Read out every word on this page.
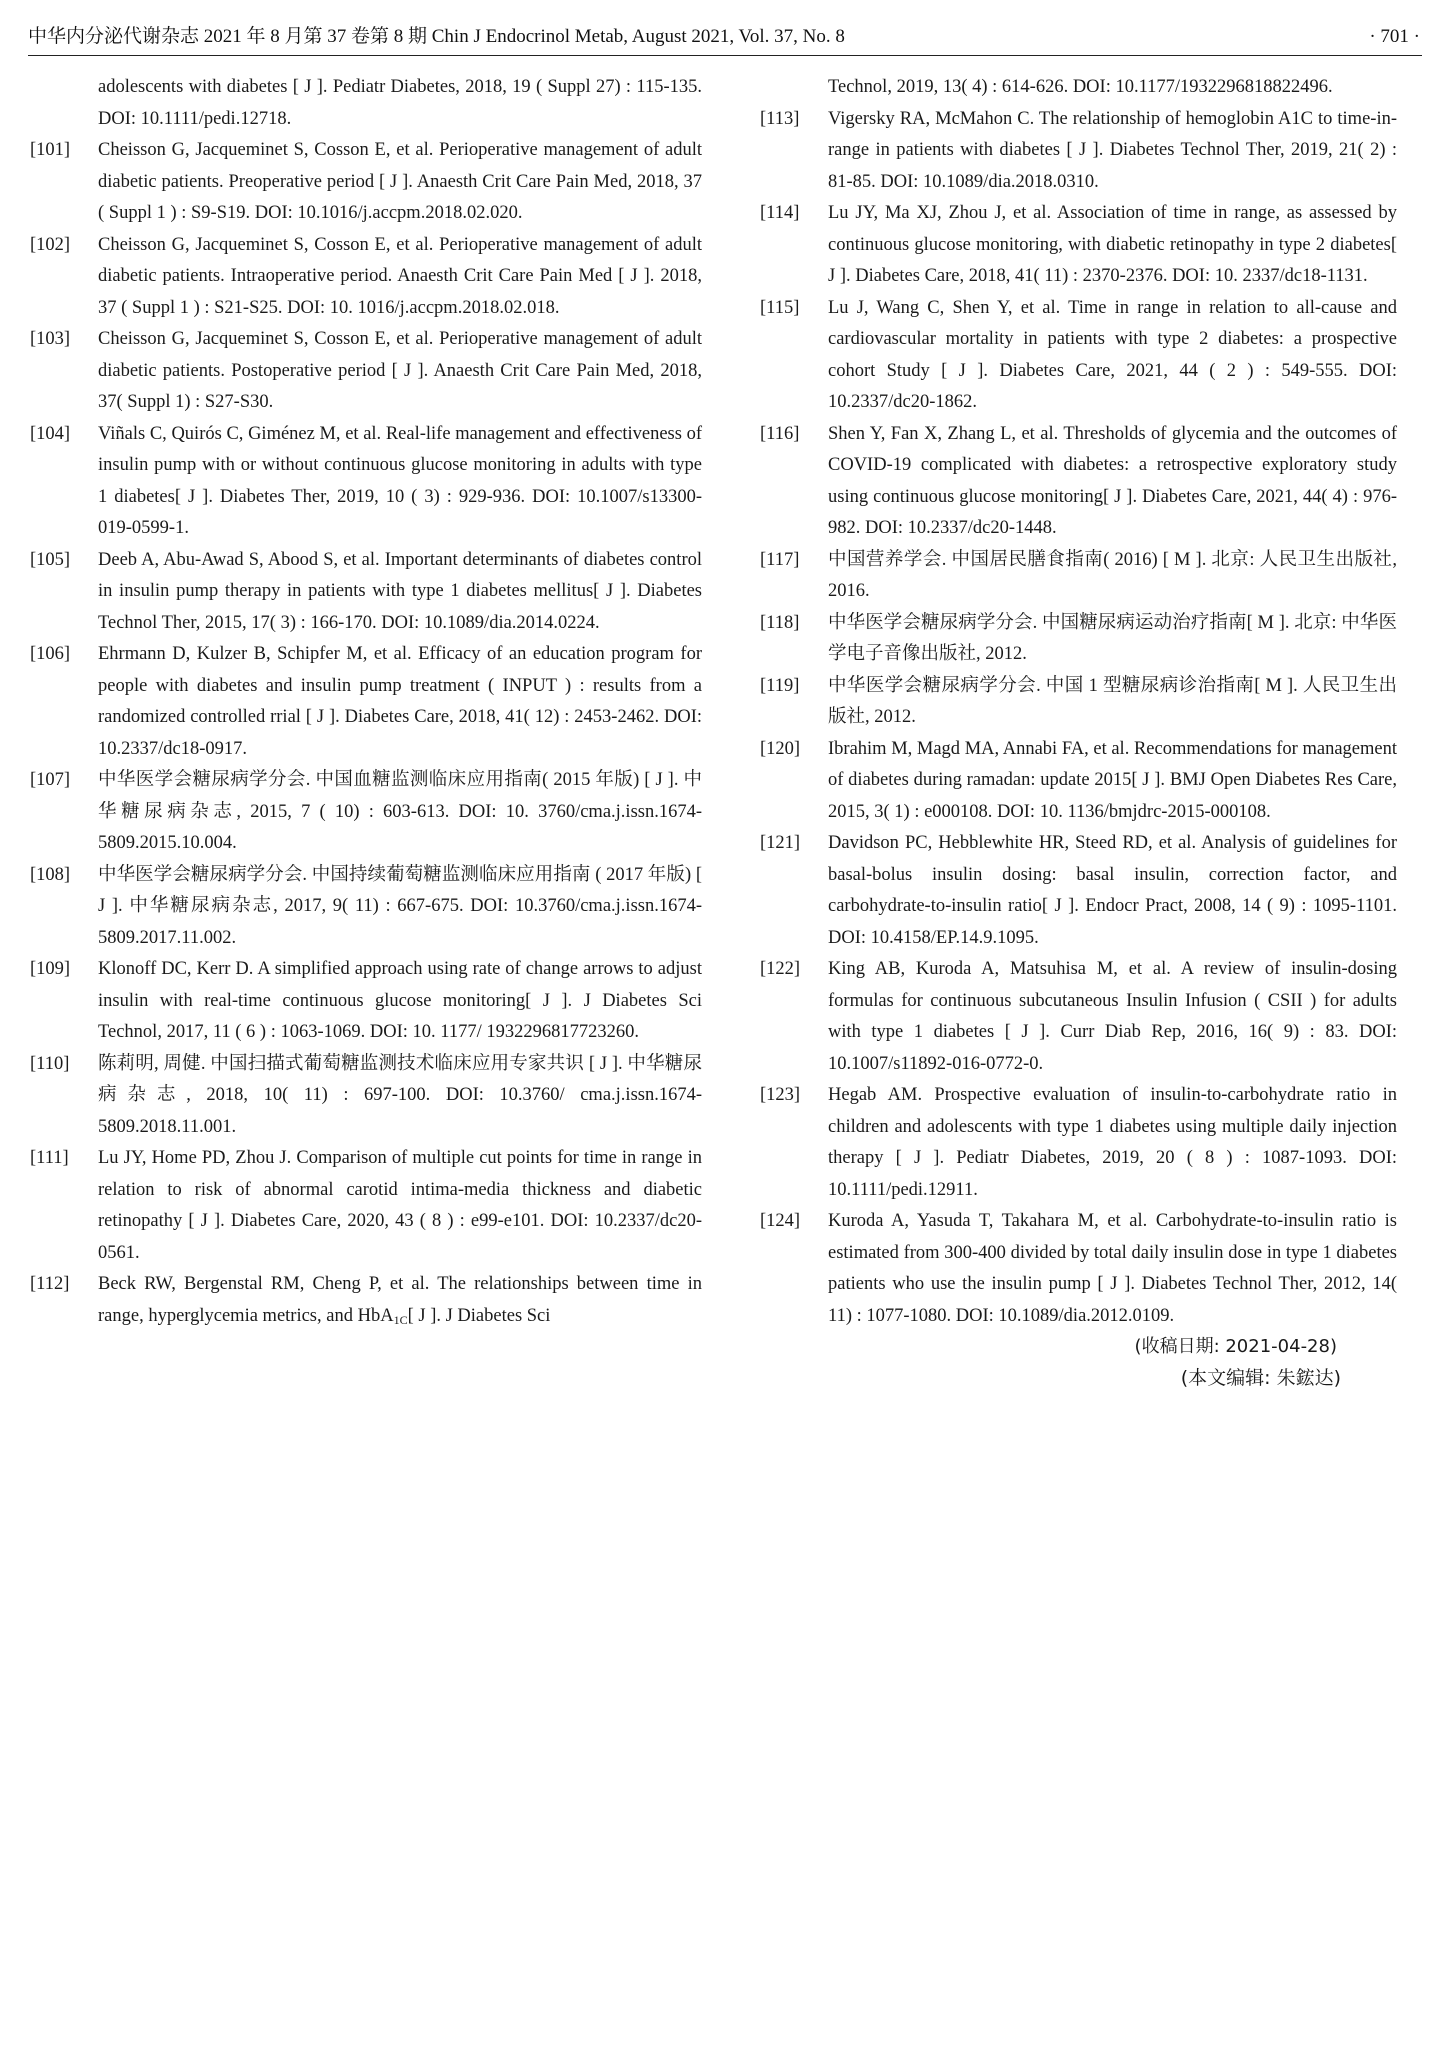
中华内分泌代谢杂志 2021 年 8 月第 37 卷第 8 期 Chin J Endocrinol Metab, August 2021, Vol. 37, No. 8	· 701 ·
adolescents with diabetes [ J ]. Pediatr Diabetes, 2018, 19 ( Suppl 27) : 115-135. DOI: 10.1111/pedi.12718.
[101] Cheisson G, Jacqueminet S, Cosson E, et al. Perioperative management of adult diabetic patients. Preoperative period [ J ]. Anaesth Crit Care Pain Med, 2018, 37 ( Suppl 1 ) : S9-S19. DOI: 10.1016/j.accpm.2018.02.020.
[102] Cheisson G, Jacqueminet S, Cosson E, et al. Perioperative management of adult diabetic patients. Intraoperative period. Anaesth Crit Care Pain Med [ J ]. 2018, 37 ( Suppl 1 ) : S21-S25. DOI: 10. 1016/j.accpm.2018.02.018.
[103] Cheisson G, Jacqueminet S, Cosson E, et al. Perioperative management of adult diabetic patients. Postoperative period [ J ]. Anaesth Crit Care Pain Med, 2018, 37( Suppl 1) : S27-S30.
[104] Viñals C, Quirós C, Giménez M, et al. Real-life management and effectiveness of insulin pump with or without continuous glucose monitoring in adults with type 1 diabetes[ J ]. Diabetes Ther, 2019, 10 ( 3) : 929-936. DOI: 10.1007/s13300-019-0599-1.
[105] Deeb A, Abu-Awad S, Abood S, et al. Important determinants of diabetes control in insulin pump therapy in patients with type 1 diabetes mellitus[ J ]. Diabetes Technol Ther, 2015, 17( 3) : 166-170. DOI: 10.1089/dia.2014.0224.
[106] Ehrmann D, Kulzer B, Schipfer M, et al. Efficacy of an education program for people with diabetes and insulin pump treatment ( INPUT ) : results from a randomized controlled rrial [ J ]. Diabetes Care, 2018, 41( 12) : 2453-2462. DOI: 10.2337/dc18-0917.
[107] 中华医学会糖尿病学分会. 中国血糖监测临床应用指南( 2015 年版) [ J ]. 中华糖尿病杂志, 2015, 7 ( 10) : 603-613. DOI: 10. 3760/cma.j.issn.1674-5809.2015.10.004.
[108] 中华医学会糖尿病学分会. 中国持续葡萄糖监测临床应用指南 ( 2017 年版) [ J ]. 中华糖尿病杂志, 2017, 9( 11) : 667-675. DOI: 10.3760/cma.j.issn.1674-5809.2017.11.002.
[109] Klonoff DC, Kerr D. A simplified approach using rate of change arrows to adjust insulin with real-time continuous glucose monitoring[ J ]. J Diabetes Sci Technol, 2017, 11 ( 6 ) : 1063-1069. DOI: 10. 1177/ 1932296817723260.
[110] 陈莉明, 周健. 中国扫描式葡萄糖监测技术临床应用专家共识 [ J ]. 中华糖尿病杂志, 2018, 10( 11) : 697-100. DOI: 10.3760/ cma.j.issn.1674-5809.2018.11.001.
[111] Lu JY, Home PD, Zhou J. Comparison of multiple cut points for time in range in relation to risk of abnormal carotid intima-media thickness and diabetic retinopathy [ J ]. Diabetes Care, 2020, 43 ( 8 ) : e99-e101. DOI: 10.2337/dc20-0561.
[112] Beck RW, Bergenstal RM, Cheng P, et al. The relationships between time in range, hyperglycemia metrics, and HbA$_{1C}$[ J ]. J Diabetes Sci
Technol, 2019, 13( 4) : 614-626. DOI: 10.1177/1932296818822496.
[113] Vigersky RA, McMahon C. The relationship of hemoglobin A1C to time-in-range in patients with diabetes [ J ]. Diabetes Technol Ther, 2019, 21( 2) : 81-85. DOI: 10.1089/dia.2018.0310.
[114] Lu JY, Ma XJ, Zhou J, et al. Association of time in range, as assessed by continuous glucose monitoring, with diabetic retinopathy in type 2 diabetes[ J ]. Diabetes Care, 2018, 41( 11) : 2370-2376. DOI: 10. 2337/dc18-1131.
[115] Lu J, Wang C, Shen Y, et al. Time in range in relation to all-cause and cardiovascular mortality in patients with type 2 diabetes: a prospective cohort Study [ J ]. Diabetes Care, 2021, 44 ( 2 ) : 549-555. DOI: 10.2337/dc20-1862.
[116] Shen Y, Fan X, Zhang L, et al. Thresholds of glycemia and the outcomes of COVID-19 complicated with diabetes: a retrospective exploratory study using continuous glucose monitoring[ J ]. Diabetes Care, 2021, 44( 4) : 976-982. DOI: 10.2337/dc20-1448.
[117] 中国营养学会. 中国居民膳食指南( 2016) [ M ]. 北京: 人民卫生出版社, 2016.
[118] 中华医学会糖尿病学分会. 中国糖尿病运动治疗指南[ M ]. 北京: 中华医学电子音像出版社, 2012.
[119] 中华医学会糖尿病学分会. 中国 1 型糖尿病诊治指南[ M ]. 人民卫生出版社, 2012.
[120] Ibrahim M, Magd MA, Annabi FA, et al. Recommendations for management of diabetes during ramadan: update 2015[ J ]. BMJ Open Diabetes Res Care, 2015, 3( 1) : e000108. DOI: 10. 1136/bmjdrc-2015-000108.
[121] Davidson PC, Hebblewhite HR, Steed RD, et al. Analysis of guidelines for basal-bolus insulin dosing: basal insulin, correction factor, and carbohydrate-to-insulin ratio[ J ]. Endocr Pract, 2008, 14 ( 9) : 1095-1101. DOI: 10.4158/EP.14.9.1095.
[122] King AB, Kuroda A, Matsuhisa M, et al. A review of insulin-dosing formulas for continuous subcutaneous Insulin Infusion ( CSII ) for adults with type 1 diabetes [ J ]. Curr Diab Rep, 2016, 16( 9) : 83. DOI: 10.1007/s11892-016-0772-0.
[123] Hegab AM. Prospective evaluation of insulin-to-carbohydrate ratio in children and adolescents with type 1 diabetes using multiple daily injection therapy [ J ]. Pediatr Diabetes, 2019, 20 ( 8 ) : 1087-1093. DOI: 10.1111/pedi.12911.
[124] Kuroda A, Yasuda T, Takahara M, et al. Carbohydrate-to-insulin ratio is estimated from 300-400 divided by total daily insulin dose in type 1 diabetes patients who use the insulin pump [ J ]. Diabetes Technol Ther, 2012, 14( 11) : 1077-1080. DOI: 10.1089/dia.2012.0109.
(收稿日期: 2021-04-28)
(本文编辑: 朱鋐达)
